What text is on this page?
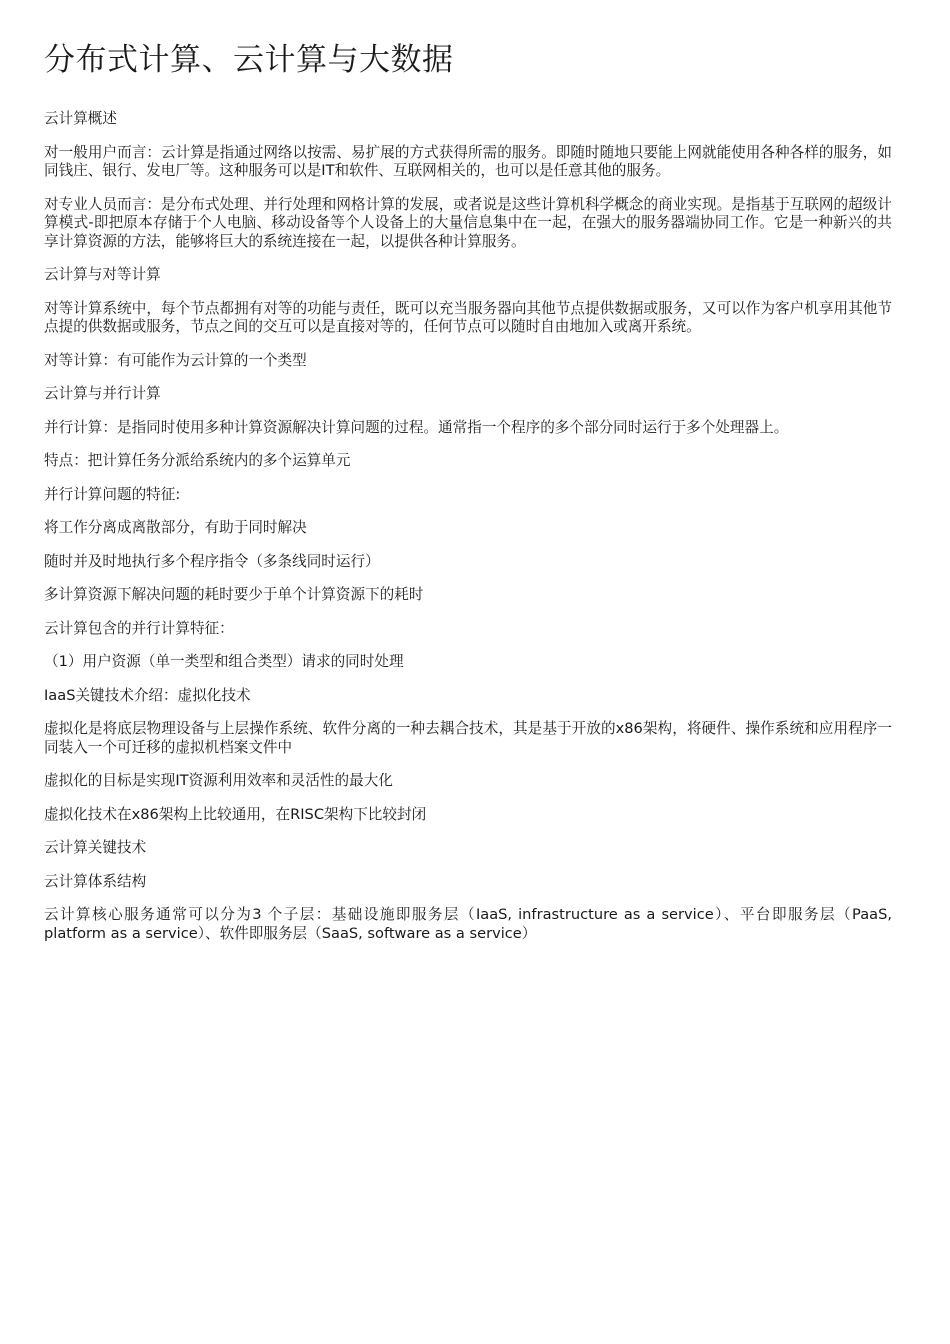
分布式计算、云计算与大数据

云计算概述

对一般用户而言：云计算是指通过网络以按需、易扩展的方式获得所需的服务。即随时随地只要能上网就能使用各种各样的服务，如同钱庄、银行、发电厂等。这种服务可以是IT和软件、互联网相关的，也可以是任意其他的服务。

对专业人员而言：是分布式处理、并行处理和网格计算的发展，或者说是这些计算机科学概念的商业实现。是指基于互联网的超级计算模式-即把原本存储于个人电脑、移动设备等个人设备上的大量信息集中在一起，在强大的服务器端协同工作。它是一种新兴的共享计算资源的方法，能够将巨大的系统连接在一起，以提供各种计算服务。

云计算与对等计算

对等计算系统中，每个节点都拥有对等的功能与责任，既可以充当服务器向其他节点提供数据或服务，又可以作为客户机享用其他节点提的供数据或服务，节点之间的交互可以是直接对等的，任何节点可以随时自由地加入或离开系统。

对等计算：有可能作为云计算的一个类型

云计算与并行计算

并行计算：是指同时使用多种计算资源解决计算问题的过程。通常指一个程序的多个部分同时运行于多个处理器上。

特点：把计算任务分派给系统内的多个运算单元

并行计算问题的特征:

将工作分离成离散部分，有助于同时解决

随时并及时地执行多个程序指令（多条线同时运行）

多计算资源下解决问题的耗时要少于单个计算资源下的耗时

云计算包含的并行计算特征：

（1）用户资源（单一类型和组合类型）请求的同时处理

IaaS关键技术介绍：虚拟化技术

虚拟化是将底层物理设备与上层操作系统、软件分离的一种去耦合技术，其是基于开放的x86架构，将硬件、操作系统和应用程序一同装入一个可迁移的虚拟机档案文件中

虚拟化的目标是实现IT资源利用效率和灵活性的最大化

虚拟化技术在x86架构上比较通用，在RISC架构下比较封闭

云计算关键技术

云计算体系结构

云计算核心服务通常可以分为3 个子层：基础设施即服务层（IaaS, infrastructure as a service）、平台即服务层（PaaS, platform as a service）、软件即服务层（SaaS, software as a service）
